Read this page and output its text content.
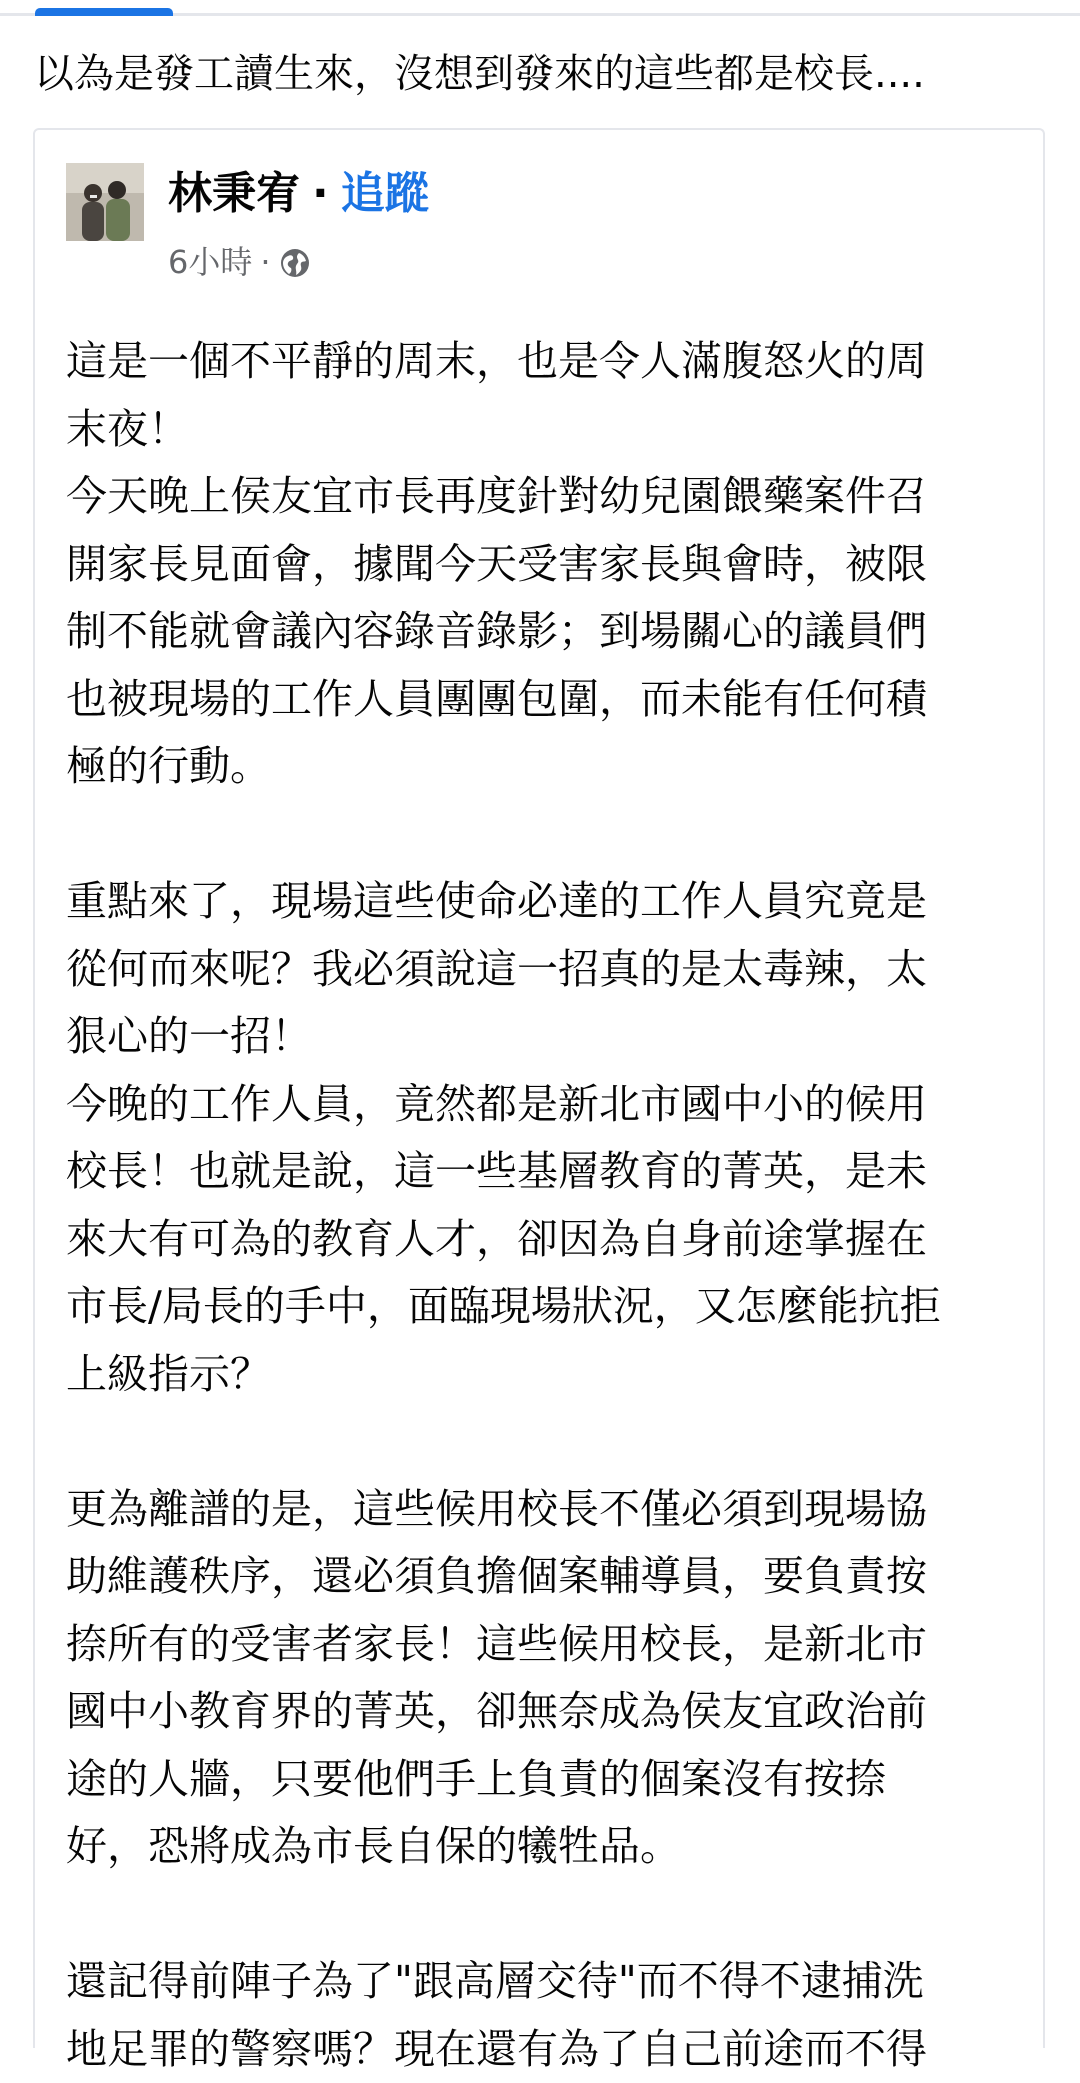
以為是發工讀生來，沒想到發來的這些都是校長....
林秉宥 · 追蹤
6小時 ·

這是一個不平靜的周末，也是令人滿腹怒火的周

末夜！

今天晚上侯友宜市長再度針對幼兒園餵藥案件召

開家長見面會，據聞今天受害家長與會時，被限

制不能就會議內容錄音錄影；到場關心的議員們

也被現場的工作人員團團包圍，而未能有任何積

極的行動。

重點來了，現場這些使命必達的工作人員究竟是

從何而來呢？我必須說這一招真的是太毒辣，太

狠心的一招！

今晚的工作人員，竟然都是新北市國中小的候用

校長！也就是說，這一些基層教育的菁英，是未

來大有可為的教育人才，卻因為自身前途掌握在

市長/局長的手中，面臨現場狀況，又怎麼能抗拒

上級指示？

更為離譜的是，這些候用校長不僅必須到現場協

助維護秩序，還必須負擔個案輔導員，要負責按

捺所有的受害者家長！這些候用校長，是新北市

國中小教育界的菁英，卻無奈成為侯友宜政治前

途的人牆，只要他們手上負責的個案沒有按捺

好，恐將成為市長自保的犧牲品。

還記得前陣子為了"跟高層交待"而不得不逮捕洗

地足罪的警察嗎？現在還有為了自己前途而不得
